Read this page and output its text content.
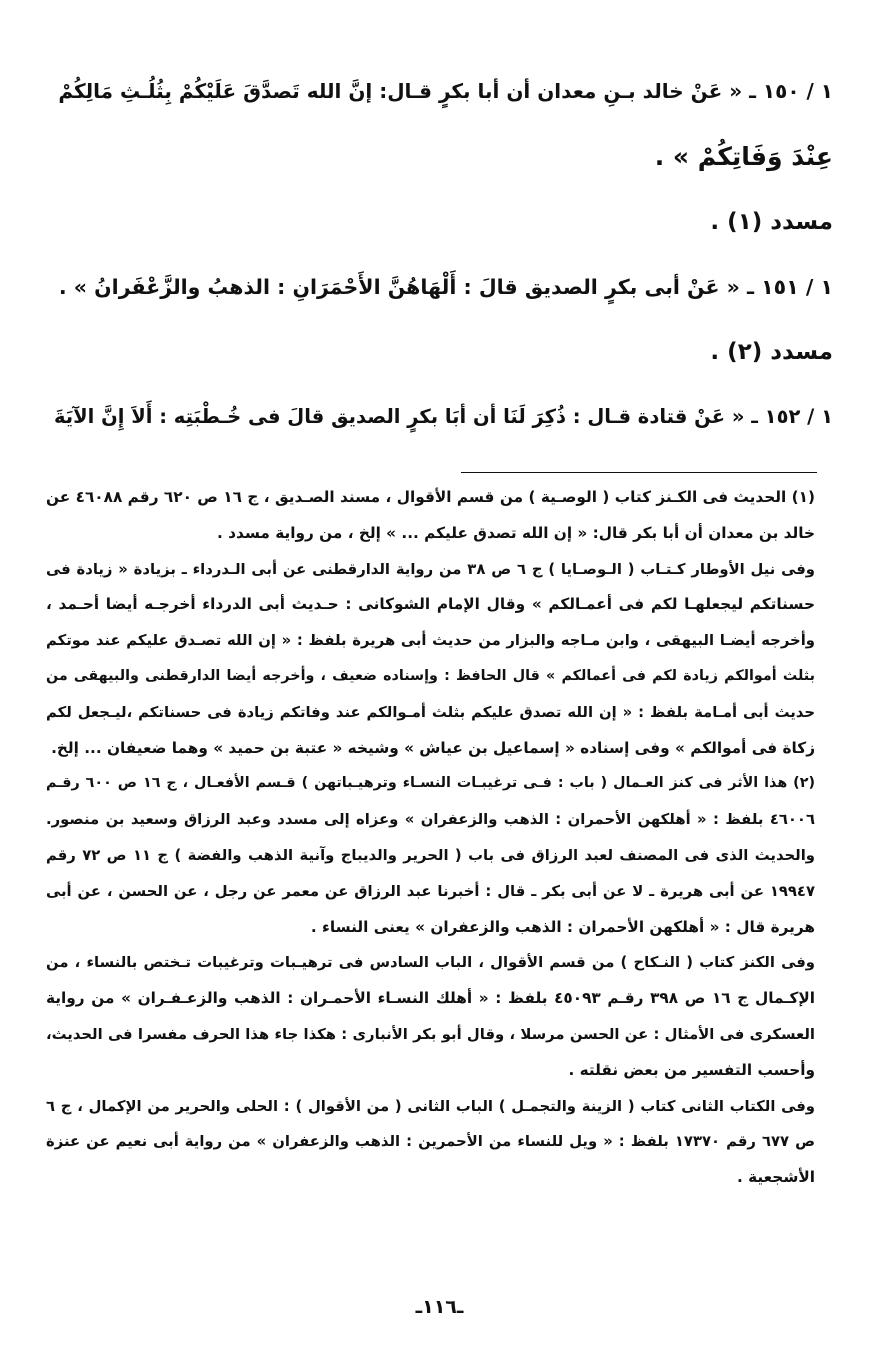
١ / ١٥٠ ـ « عَنْ خالد بـنِ معدان أن أبا بكرٍ قـال: إنَّ الله تَصدَّقَ عَلَيْكُمْ بِثُلُـثِ مَالِكُمْ

عِنْدَ وَفَاتِكُمْ » .

مسدد (١) .

١ / ١٥١ ـ « عَنْ أبى بكرٍ الصديق قالَ : أَلْهَاهُنَّ الأَحْمَرَانِ : الذهبُ والزَّعْفَرانُ » .

مسدد (٢) .

١ / ١٥٢ ـ « عَنْ قتادة قـال : ذُكِرَ لَنَا أن أبَا بكرٍ الصديق قالَ فى خُـطْبَتِه : أَلاَ إِنَّ الآيَةَ

(١) الحديث فى الكـنز كتاب ( الوصـية ) من قسم الأقوال ، مسند الصـديق ، ج ١٦ ص ٦٢٠ رقم ٤٦٠٨٨ عن

خالد بن معدان أن أبا بكر قال: « إن الله تصدق عليكم ... » إلخ ، من رواية مسدد .

وفى نيل الأوطار كـتـاب ( الـوصـايا ) ج ٦ ص ٣٨ من رواية الدارقطنى عن أبى الـدرداء ـ بزيادة « زيادة فى

حسناتكم ليجعلهـا لكم فى أعمـالكم » وقال الإمام الشوكانى : حـديث أبى الدرداء أخرجـه أيضا أحـمد ،

وأخرجه أيضـا البيهقى ، وابن مـاجه والبزار من حديث أبى هريرة بلفظ : « إن الله تصـدق عليكم عند موتكم

بثلث أموالكم زيادة لكم فى أعمالكم » قال الحافظ : وإسناده ضعيف ، وأخرجه أيضا الدارقطنى والبيهقى من

حديث أبى أمـامة بلفظ : « إن الله تصدق عليكم بثلث أمـوالكم عند وفاتكم زيادة فى حسناتكم ،ليـجعل لكم

زكاة فى أموالكم » وفى إسناده « إسماعيل بن عياش » وشيخه « عتبة بن حميد » وهما ضعيفان ... إلخ.

(٢) هذا الأثر فى كنز العـمال ( باب : فـى ترغيبـات النسـاء وترهيـباتهن ) قـسم الأفعـال ، ج ١٦ ص ٦٠٠ رقـم

٤٦٠٠٦ بلفظ : « أهلكهن الأحمران : الذهب والزعفران » وعزاه إلى مسدد وعبد الرزاق وسعيد بن منصور.

والحديث الذى فى المصنف لعبد الرزاق فى باب ( الحرير والديباج وآنية الذهب والفضة ) ج ١١ ص ٧٢ رقم

١٩٩٤٧ عن أبى هريرة ـ لا عن أبى بكر ـ قال : أخبرنا عبد الرزاق عن معمر عن رجل ، عن الحسن ، عن أبى

هريرة قال : « أهلكهن الأحمران : الذهب والزعفران » يعنى النساء .

وفى الكنز كتاب ( النـكاح ) من قسم الأقوال ، الباب السادس فى ترهيـبات وترغيبات تـختص بالنساء ، من

الإكـمال ج ١٦ ص ٣٩٨ رقـم ٤٥٠٩٣ بلفظ : « أهلك النسـاء الأحمـران : الذهب والزعـفـران » من رواية

العسكرى فى الأمثال : عن الحسن مرسلا ، وقال أبو بكر الأنبارى : هكذا جاء هذا الحرف مفسرا فى الحديث،

وأحسب التفسير من بعض نقلته .

وفى الكتاب الثانى كتاب ( الزينة والتجمـل ) الباب الثانى ( من الأقوال ) : الحلى والحرير من الإكمال ، ج ٦

ص ٦٧٧ رقم ١٧٣٧٠ بلفظ : « ويل للنساء من الأحمرين : الذهب والزعفران » من رواية أبى نعيم عن عنزة

الأشجعية .

ـ١١٦ـ
